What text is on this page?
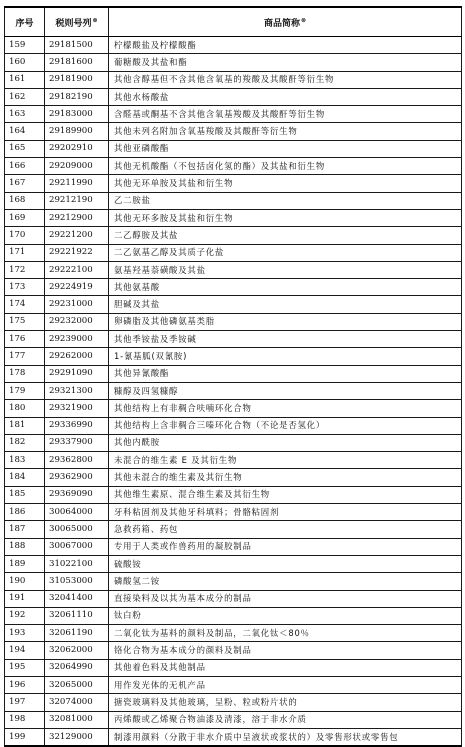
序号	税则号列⊗	商品简称⊗
159	29181500	柠檬酸盐及柠檬酸酯
160	29181600	葡糖酸及其盐和酯
161	29181900	其他含醇基但不含其他含氧基的羧酸及其酸酐等衍生物
162	29182190	其他水杨酸盐
163	29183000	含醛基或酮基不含其他含氧基羧酸及其酸酐等衍生物
164	29189900	其他未列名附加含氧基羧酸及其酸酐等衍生物
165	29202910	其他亚磷酸酯
166	29209000	其他无机酸酯（不包括卤化氢的酯）及其盐和衍生物
167	29211990	其他无环单胺及其盐和衍生物
168	29212190	乙二胺盐
169	29212900	其他无环多胺及其盐和衍生物
170	29221200	二乙醇胺及其盐
171	29221922	二乙氨基乙醇及其质子化盐
172	29222100	氨基羟基萘磺酸及其盐
173	29224919	其他氨基酸
174	29231000	胆碱及其盐
175	29232000	卵磷脂及其他磷氨基类脂
176	29239000	其他季铵盐及季铵碱
177	29262000	1-氰基胍(双氰胺)
178	29291090	其他异氰酸酯
179	29321300	糠醇及四氢糠醇
180	29321900	其他结构上有非稠合呋喃环化合物
181	29336990	其他结构上含非稠合三嗪环化合物（不论是否氢化）
182	29337900	其他内酰胺
183	29362800	未混合的维生素 E 及其衍生物
184	29362900	其他未混合的维生素及其衍生物
185	29369090	其他维生素原、混合维生素及其衍生物
186	30064000	牙科粘固剂及其他牙科填料；骨骼粘固剂
187	30065000	急救药箱、药包
188	30067000	专用于人类或作兽药用的凝胶制品
189	31022100	硫酸铵
190	31053000	磷酸氢二铵
191	32041400	直接染料及以其为基本成分的制品
192	32061110	钛白粉
193	32061190	二氧化钛为基料的颜料及制品，二氧化钛＜80％
194	32062000	铬化合物为基本成分的颜料及制品
195	32064990	其他着色料及其他制品
196	32065000	用作发光体的无机产品
197	32074000	搪瓷玻璃料及其他玻璃，呈粉、粒或粉片状的
198	32081000	丙烯酸或乙烯聚合物油漆及清漆，溶于非水介质
199	32129000	制漆用颜料（分散于非水介质中呈液状或浆状的）及零售形状或零售包
